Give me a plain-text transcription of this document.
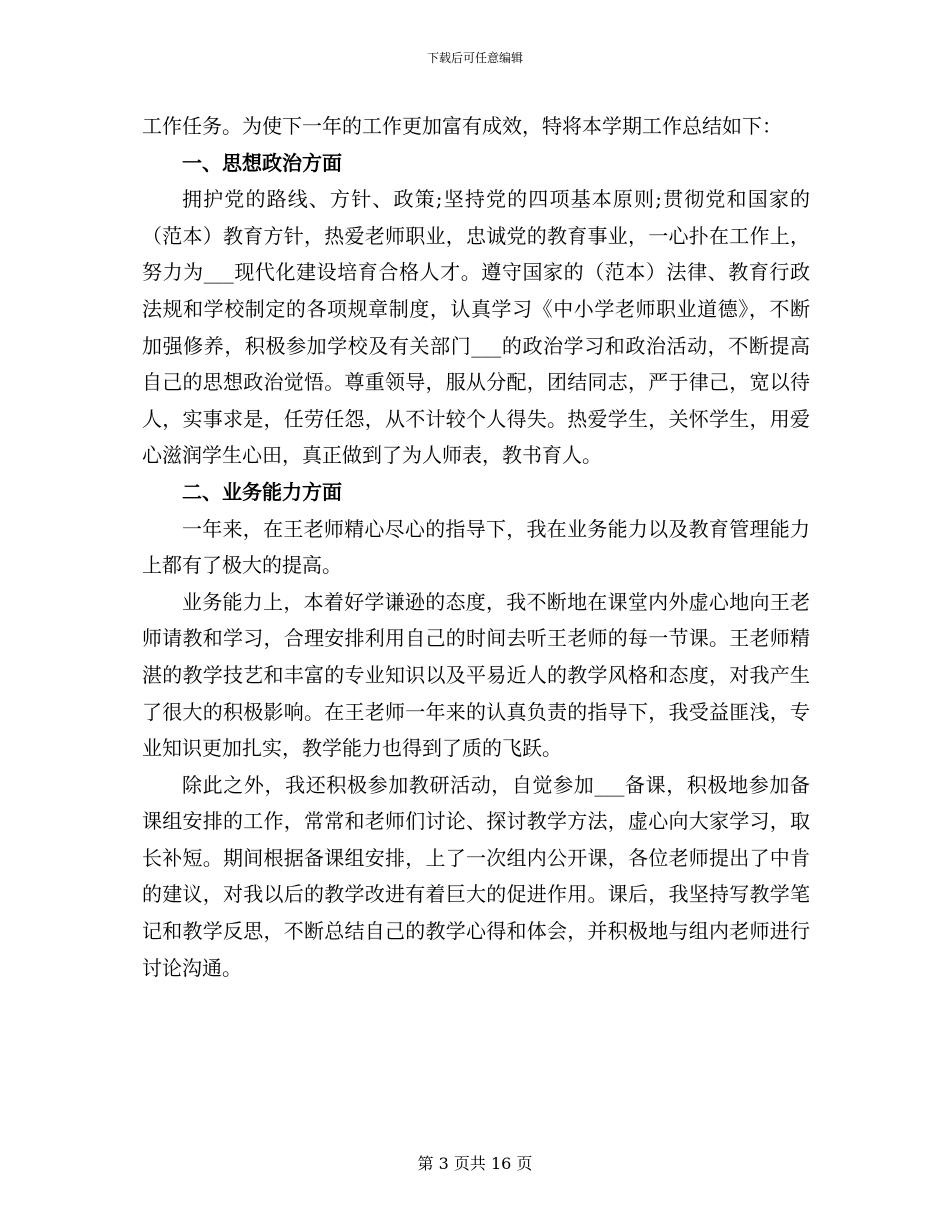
下载后可任意编辑

工作任务。为使下一年的工作更加富有成效，特将本学期工作总结如下：

一、思想政治方面

拥护党的路线、方针、政策;坚持党的四项基本原则;贯彻党和国家的（范本）教育方针，热爱老师职业，忠诚党的教育事业，一心扑在工作上，努力为___现代化建设培育合格人才。遵守国家的（范本）法律、教育行政法规和学校制定的各项规章制度，认真学习《中小学老师职业道德》，不断加强修养，积极参加学校及有关部门___的政治学习和政治活动，不断提高自己的思想政治觉悟。尊重领导，服从分配，团结同志，严于律己，宽以待人，实事求是，任劳任怨，从不计较个人得失。热爱学生，关怀学生，用爱心滋润学生心田，真正做到了为人师表，教书育人。

二、业务能力方面

一年来，在王老师精心尽心的指导下，我在业务能力以及教育管理能力上都有了极大的提高。

业务能力上，本着好学谦逊的态度，我不断地在课堂内外虚心地向王老师请教和学习，合理安排利用自己的时间去听王老师的每一节课。王老师精湛的教学技艺和丰富的专业知识以及平易近人的教学风格和态度，对我产生了很大的积极影响。在王老师一年来的认真负责的指导下，我受益匪浅，专业知识更加扎实，教学能力也得到了质的飞跃。

除此之外，我还积极参加教研活动，自觉参加___备课，积极地参加备课组安排的工作，常常和老师们讨论、探讨教学方法，虚心向大家学习，取长补短。期间根据备课组安排，上了一次组内公开课，各位老师提出了中肯的建议，对我以后的教学改进有着巨大的促进作用。课后，我坚持写教学笔记和教学反思，不断总结自己的教学心得和体会，并积极地与组内老师进行讨论沟通。

第 3 页共 16 页
